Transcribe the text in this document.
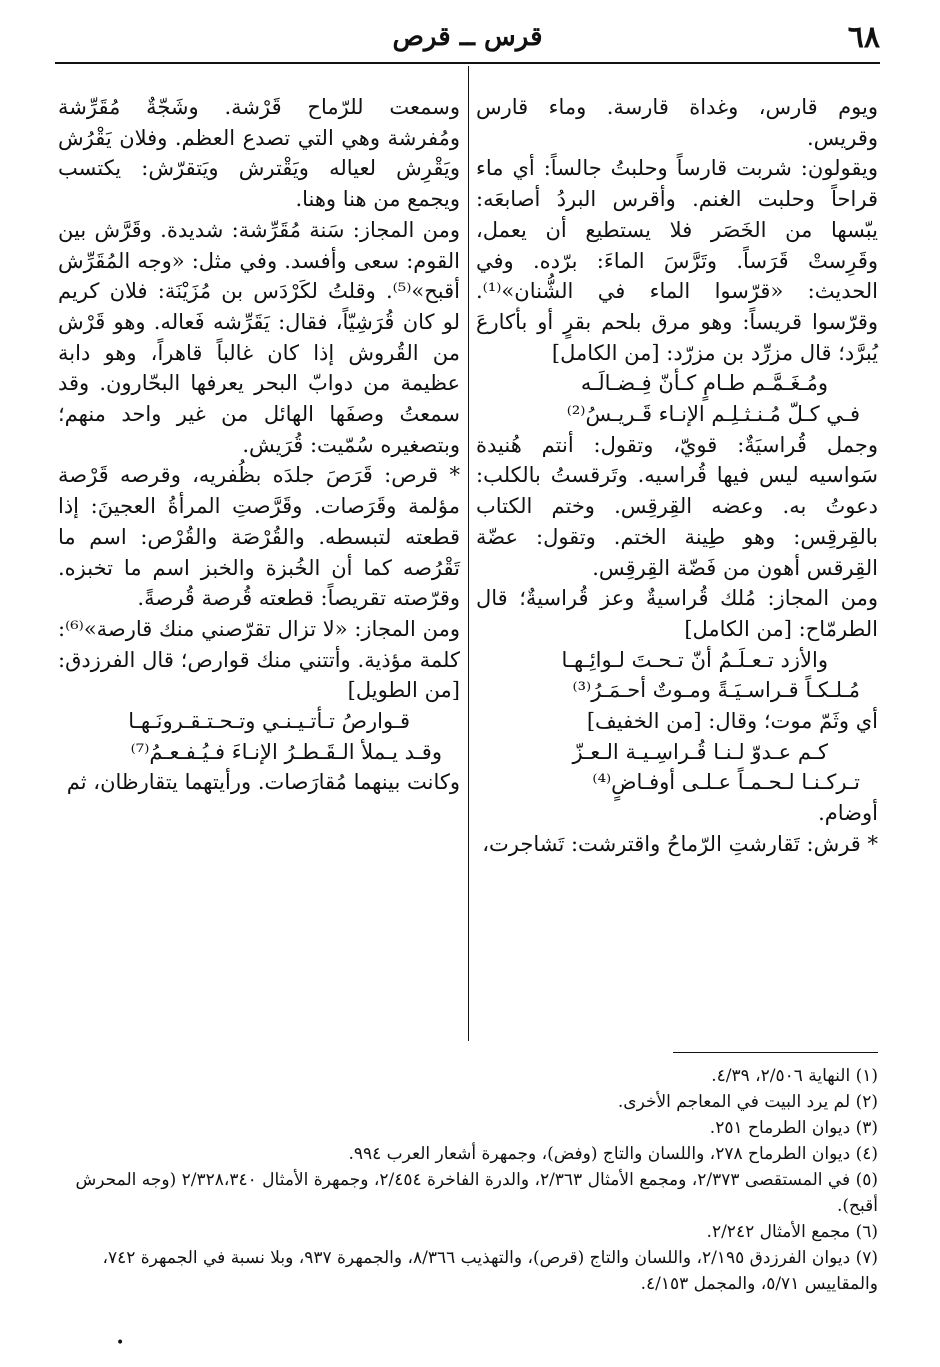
٦٨
قرس ــ قرص

ويوم قارس، وغداة قارسة. وماء قارس وقريس.

ويقولون: شربت قارساً وحلبتُ جالساً: أي ماء قراحاً وحلبت الغنم. وأقرس البردُ أصابعَه: يبّسها من الخَصَر فلا يستطيع أن يعمل، وقَرِستْ قَرَساً. وتَرَّسَ الماءَ: برّده. وفي الحديث: «قرّسوا الماء في الشُّنان»⁽¹⁾. وقرّسوا قريساً: وهو مرق بلحم بقرٍ أو بأكارعَ يُبرَّد؛ قال مزرِّد بن مزرّد: [من الكامل]

ومُـغَـمَّـم طـامٍ كـأنّ فِـضـالَـه
فـي كـلّ مُـنـثـلِـم الإنـاء قَـريـسُ⁽²⁾

وجمل قُراسيَةٌ: قويّ، وتقول: أنتم هُنيدة سَواسيه ليس فيها قُراسيه. وتَرقستُ بالكلب: دعوتُ به. وعضه القِرقِس. وختم الكتاب بالقِرقِس: وهو طِينة الختم. وتقول: عضّة القِرقس أهون من فَضّة القِرقِس.

ومن المجاز: مُلك قُراسيةٌ وعز قُراسيةٌ؛ قال الطرمّاح: [من الكامل]

والأزد تـعـلَـمُ أنّ تـحـتَ لـوائِـهـا
مُـلـكـاً قـراسـيَـةً ومـوتٌ أحـمَـرُ⁽³⁾

أي وثَمّ موت؛ وقال: [من الخفيف]

كـم عـدوّ لـنـا قُـراسِـيـة الـعـزّ
تـركـنـا لـحـمـاً عـلـى أوفـاضٍ⁽⁴⁾

أوضام.

* قرش: تَقارشتِ الرّماحُ واقترشت: تَشاجرت،

وسمعت للرّماح قَرْشة. وشَجّةٌ مُقَرِّشة ومُفرشة وهي التي تصدع العظم. وفلان يَقْرُش ويَقْرِش لعياله ويَقْترش ويَتقرّش: يكتسب ويجمع من هنا وهنا.

ومن المجاز: سَنة مُقَرِّشة: شديدة. وقَرَّش بين القوم: سعى وأفسد. وفي مثل: «وجه المُقَرِّش أقبح»⁽⁵⁾. وقلتُ لكَرْدَس بن مُزَيْنَة: فلان كريم لو كان قُرَشِيّاً، فقال: يَقَرِّشه فَعاله. وهو قَرْش من القُروش إذا كان غالباً قاهراً، وهو دابة عظيمة من دوابّ البحر يعرفها البحّارون. وقد سمعتُ وصفَها الهائل من غير واحد منهم؛ وبتصغيره سُمّيت: قُرَيش.

* قرص: قَرَصَ جلدَه بظُفريه، وقرصه قَرْصة مؤلمة وقَرَصات. وقَرَّصتِ المرأةُ العجينَ: إذا قطعته لتبسطه. والقُرْصَة والقُرْص: اسم ما تَقْرُصه كما أن الخُبزة والخبز اسم ما تخبزه. وقرّصته تقريصاً: قطعته قُرصة قُرصةً.

ومن المجاز: «لا تزال تقرّصني منك قارصة»⁽⁶⁾: كلمة مؤذية. وأتتني منك قوارص؛ قال الفرزدق: [من الطويل]

قـوارصُ تـأتـيـنـي وتـحـتـقـرونَـهـا
وقـد يـملأ الـقَـطـرُ الإنـاءَ فـيُـفـعـمُ⁽⁷⁾

وكانت بينهما مُقارَصات. ورأيتهما يتقارظان، ثم

(١) النهاية ٢/٥٠٦، ٤/٣٩.

(٢) لم يرد البيت في المعاجم الأخرى.

(٣) ديوان الطرماح ٢٥١.

(٤) ديوان الطرماح ٢٧٨، واللسان والتاج (وفض)، وجمهرة أشعار العرب ٩٩٤.

(٥) في المستقصى ٢/٣٧٣، ومجمع الأمثال ٢/٣٦٣، والدرة الفاخرة ٢/٤٥٤، وجمهرة الأمثال ٢/٣٢٨،٣٤٠ (وجه المحرش أقبح).

(٦) مجمع الأمثال ٢/٢٤٢.

(٧) ديوان الفرزدق ٢/١٩٥، واللسان والتاج (قرص)، والتهذيب ٨/٣٦٦، والجمهرة ٩٣٧، وبلا نسبة في الجمهرة ٧٤٢، والمقاييس ٥/٧١، والمجمل ٤/١٥٣.

•
